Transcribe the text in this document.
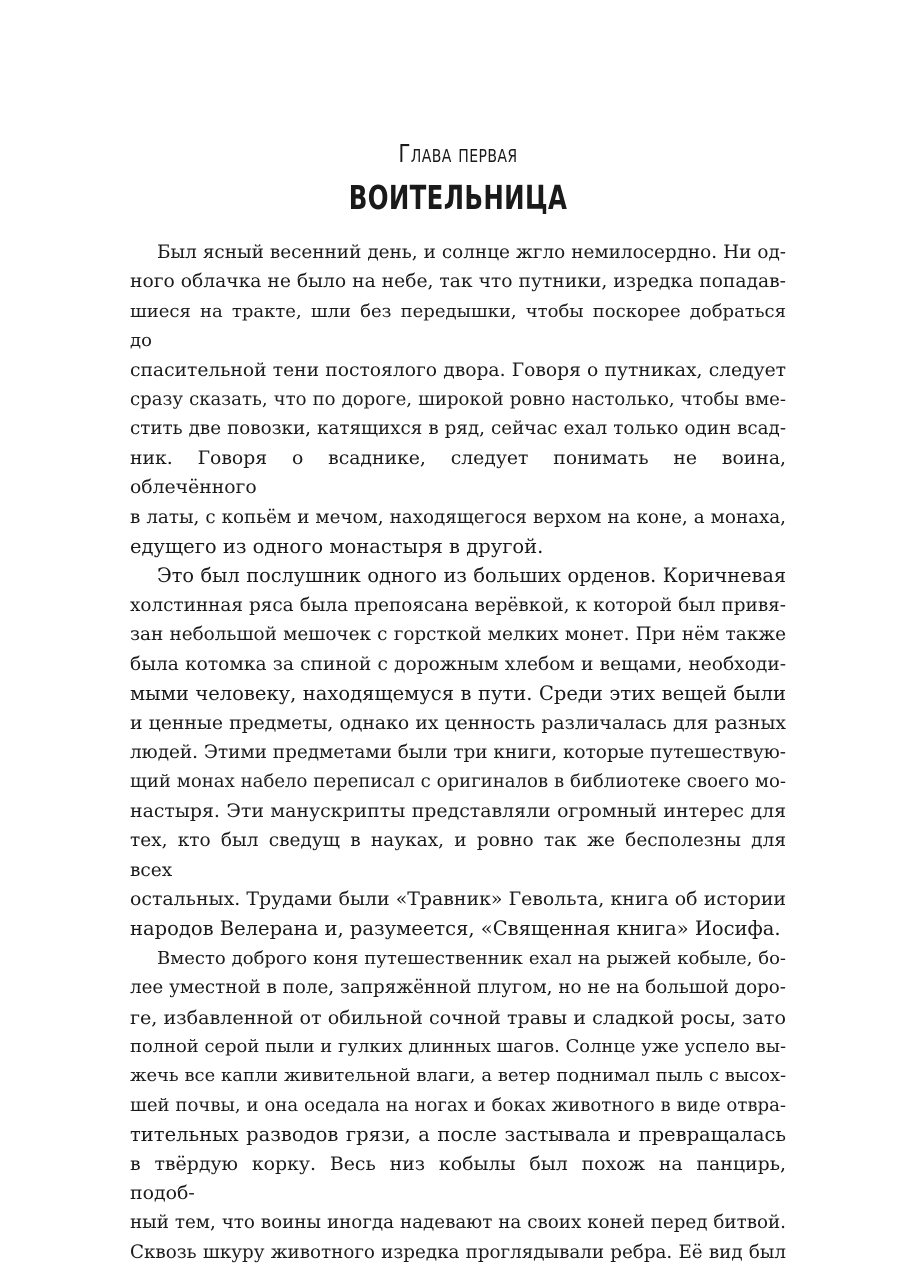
Глава первая
ВОИТЕЛЬНИЦА
Был ясный весенний день, и солнце жгло немилосердно. Ни од-
ного облачка не было на небе, так что путники, изредка попадав-
шиеся на тракте, шли без передышки, чтобы поскорее добраться до
спасительной тени постоялого двора. Говоря о путниках, следует
сразу сказать, что по дороге, широкой ровно настолько, чтобы вме-
стить две повозки, катящихся в ряд, сейчас ехал только один всад-
ник. Говоря о всаднике, следует понимать не воина, облечённого
в латы, с копьём и мечом, находящегося верхом на коне, а монаха,
едущего из одного монастыря в другой.
Это был послушник одного из больших орденов. Коричневая
холстинная ряса была препоясана верёвкой, к которой был привя-
зан небольшой мешочек с горсткой мелких монет. При нём также
была котомка за спиной с дорожным хлебом и вещами, необходи-
мыми человеку, находящемуся в пути. Среди этих вещей были
и ценные предметы, однако их ценность различалась для разных
людей. Этими предметами были три книги, которые путешествую-
щий монах набело переписал с оригиналов в библиотеке своего мо-
настыря. Эти манускрипты представляли огромный интерес для
тех, кто был сведущ в науках, и ровно так же бесполезны для всех
остальных. Трудами были «Травник» Гевольта, книга об истории
народов Велерана и, разумеется, «Священная книга» Иосифа.
Вместо доброго коня путешественник ехал на рыжей кобыле, бо-
лее уместной в поле, запряжённой плугом, но не на большой доро-
ге, избавленной от обильной сочной травы и сладкой росы, зато
полной серой пыли и гулких длинных шагов. Солнце уже успело вы-
жечь все капли живительной влаги, а ветер поднимал пыль с высох-
шей почвы, и она оседала на ногах и боках животного в виде отвра-
тительных разводов грязи, а после застывала и превращалась
в твёрдую корку. Весь низ кобылы был похож на панцирь, подоб-
ный тем, что воины иногда надевают на своих коней перед битвой.
Сквозь шкуру животного изредка проглядывали ребра. Её вид был
